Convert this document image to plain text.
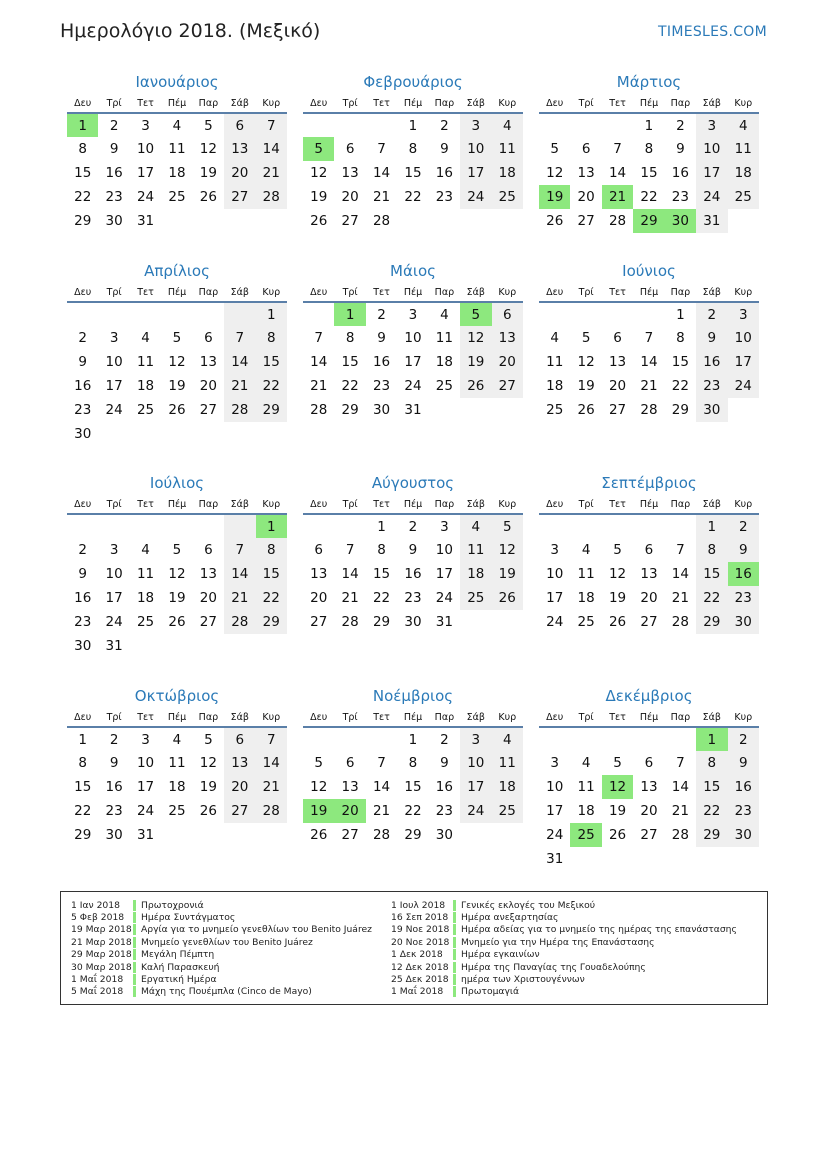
Ημερολόγιο 2018. (Μεξικό)	TIMESLES.COM
Ιανουάριος
Δευ	Τρί	Τετ	Πέμ	Παρ	Σάβ	Κυρ
1	2	3	4	5	6	7
8	9	10	11	12	13	14
15	16	17	18	19	20	21
22	23	24	25	26	27	28
29	30	31				
Φεβρουάριος
Δευ	Τρί	Τετ	Πέμ	Παρ	Σάβ	Κυρ
			1	2	3	4
5	6	7	8	9	10	11
12	13	14	15	16	17	18
19	20	21	22	23	24	25
26	27	28				
Μάρτιος
Δευ	Τρί	Τετ	Πέμ	Παρ	Σάβ	Κυρ
			1	2	3	4
5	6	7	8	9	10	11
12	13	14	15	16	17	18
19	20	21	22	23	24	25
26	27	28	29	30	31	
Απρίλιος
Δευ	Τρί	Τετ	Πέμ	Παρ	Σάβ	Κυρ
						1
2	3	4	5	6	7	8
9	10	11	12	13	14	15
16	17	18	19	20	21	22
23	24	25	26	27	28	29
30						
Μάιος
Δευ	Τρί	Τετ	Πέμ	Παρ	Σάβ	Κυρ
	1	2	3	4	5	6
7	8	9	10	11	12	13
14	15	16	17	18	19	20
21	22	23	24	25	26	27
28	29	30	31			
Ιούνιος
Δευ	Τρί	Τετ	Πέμ	Παρ	Σάβ	Κυρ
				1	2	3
4	5	6	7	8	9	10
11	12	13	14	15	16	17
18	19	20	21	22	23	24
25	26	27	28	29	30	
Ιούλιος
Δευ	Τρί	Τετ	Πέμ	Παρ	Σάβ	Κυρ
						1
2	3	4	5	6	7	8
9	10	11	12	13	14	15
16	17	18	19	20	21	22
23	24	25	26	27	28	29
30	31					
Αύγουστος
Δευ	Τρί	Τετ	Πέμ	Παρ	Σάβ	Κυρ
		1	2	3	4	5
6	7	8	9	10	11	12
13	14	15	16	17	18	19
20	21	22	23	24	25	26
27	28	29	30	31		
Σεπτέμβριος
Δευ	Τρί	Τετ	Πέμ	Παρ	Σάβ	Κυρ
					1	2
3	4	5	6	7	8	9
10	11	12	13	14	15	16
17	18	19	20	21	22	23
24	25	26	27	28	29	30
Οκτώβριος
Δευ	Τρί	Τετ	Πέμ	Παρ	Σάβ	Κυρ
1	2	3	4	5	6	7
8	9	10	11	12	13	14
15	16	17	18	19	20	21
22	23	24	25	26	27	28
29	30	31				
Νοέμβριος
Δευ	Τρί	Τετ	Πέμ	Παρ	Σάβ	Κυρ
			1	2	3	4
5	6	7	8	9	10	11
12	13	14	15	16	17	18
19	20	21	22	23	24	25
26	27	28	29	30		
Δεκέμβριος
Δευ	Τρί	Τετ	Πέμ	Παρ	Σάβ	Κυρ
					1	2
3	4	5	6	7	8	9
10	11	12	13	14	15	16
17	18	19	20	21	22	23
24	25	26	27	28	29	30
31						
1 Ιαν 2018	Πρωτοχρονιά
5 Φεβ 2018	Ημέρα Συντάγματος
19 Μαρ 2018 Αργία για το μνημείο γενεθλίων του Benito Juárez
21 Μαρ 2018 Μνημείο γενεθλίων του Benito Juárez
29 Μαρ 2018 Μεγάλη Πέμπτη
30 Μαρ 2018 Καλή Παρασκευή
1 Μαΐ 2018	Εργατική Ημέρα
5 Μαΐ 2018	Μάχη της Πουέμπλα (Cinco de Mayo)
1 Ιουλ 2018	Γενικές εκλογές του Μεξικού
16 Σεπ 2018	Ημέρα ανεξαρτησίας
19 Νοε 2018	Ημέρα αδείας για το μνημείο της ημέρας της επανάστασης
20 Νοε 2018	Μνημείο για την Ημέρα της Επανάστασης
1 Δεκ 2018	Ημέρα εγκαινίων
12 Δεκ 2018	Ημέρα της Παναγίας της Γουαδελούπης
25 Δεκ 2018	ημέρα των Χριστουγέννων
1 Μαΐ 2018	Πρωτομαγιά
